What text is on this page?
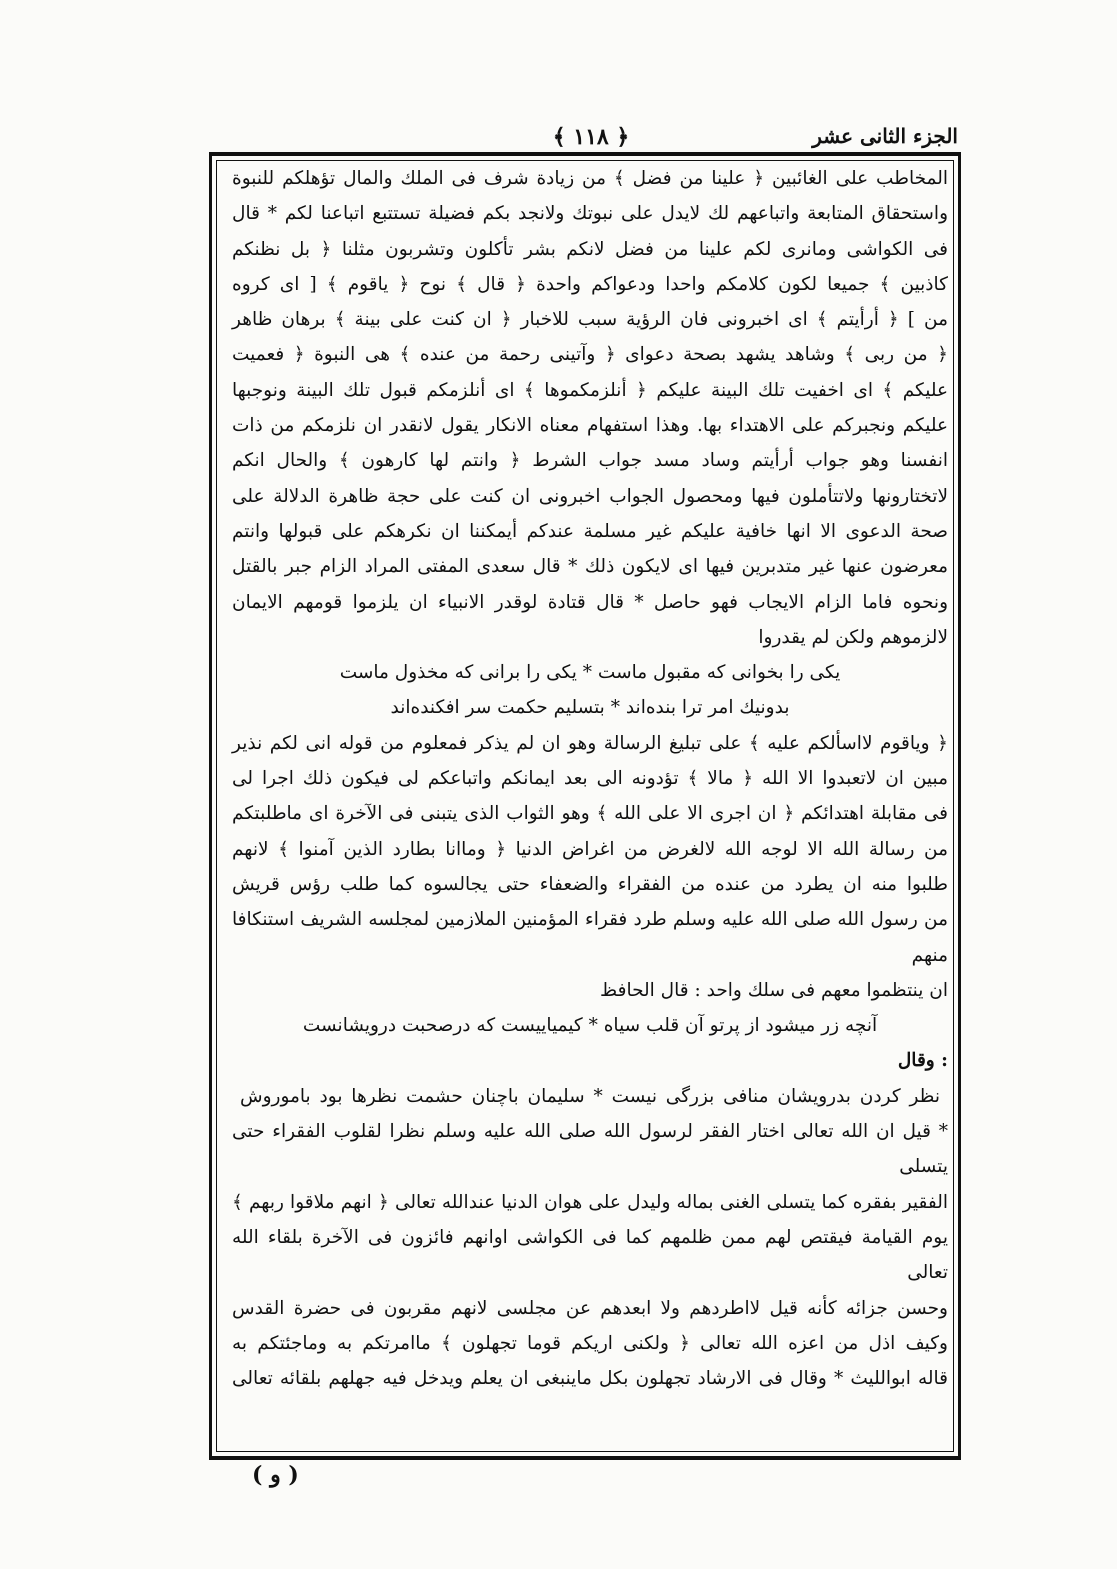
الجزء الثانى عشر
﴿ ١١٨ ﴾

المخاطب على الغائبين ﴿ علينا من فضل ﴾ من زيادة شرف فى الملك والمال تؤهلكم للنبوة

واستحقاق المتابعة واتباعهم لك لايدل على نبوتك ولانجد بكم فضيلة تستتبع اتباعنا لكم * قال

فى الكواشى ومانرى لكم علينا من فضل لانكم بشر تأكلون وتشربون مثلنا ﴿ بل نظنكم

كاذبين ﴾ جميعا لكون كلامكم واحدا ودعواكم واحدة ﴿ قال ﴾ نوح ﴿ ياقوم ﴾ [ اى كروه

من ] ﴿ أرأيتم ﴾ اى اخبرونى فان الرؤية سبب للاخبار ﴿ ان كنت على بينة ﴾ برهان ظاهر

﴿ من ربى ﴾ وشاهد يشهد بصحة دعواى ﴿ وآتينى رحمة من عنده ﴾ هى النبوة ﴿ فعميت

عليكم ﴾ اى اخفيت تلك البينة عليكم ﴿ أنلزمكموها ﴾ اى أنلزمكم قبول تلك البينة ونوجبها

عليكم ونجبركم على الاهتداء بها. وهذا استفهام معناه الانكار يقول لانقدر ان نلزمكم من ذات

انفسنا وهو جواب أرأيتم وساد مسد جواب الشرط ﴿ وانتم لها كارهون ﴾ والحال انكم

لاتختارونها ولاتتأملون فيها ومحصول الجواب اخبرونى ان كنت على حجة ظاهرة الدلالة على

صحة الدعوى الا انها خافية عليكم غير مسلمة عندكم أيمكننا ان نكرهكم على قبولها وانتم

معرضون عنها غير متدبرين فيها اى لايكون ذلك * قال سعدى المفتى المراد الزام جبر بالقتل

ونحوه فاما الزام الايجاب فهو حاصل * قال قتادة لوقدر الانبياء ان يلزموا قومهم الايمان

لالزموهم ولكن لم يقدروا

يكى را بخوانى كه مقبول ماست * يكى را برانى كه مخذول ماست

بدونيك امر ترا بنده‌اند * بتسليم حكمت سر افكنده‌اند

﴿ وياقوم لااسألكم عليه ﴾ على تبليغ الرسالة وهو ان لم يذكر فمعلوم من قوله انى لكم نذير

مبين ان لاتعبدوا الا الله ﴿ مالا ﴾ تؤدونه الى بعد ايمانكم واتباعكم لى فيكون ذلك اجرا لى

فى مقابلة اهتدائكم ﴿ ان اجرى الا على الله ﴾ وهو الثواب الذى يتبنى فى الآخرة اى ماطلبتكم

من رسالة الله الا لوجه الله لالغرض من اغراض الدنيا ﴿ وماانا بطارد الذين آمنوا ﴾ لانهم

طلبوا منه ان يطرد من عنده من الفقراء والضعفاء حتى يجالسوه كما طلب رؤس قريش

من رسول الله صلى الله عليه وسلم طرد فقراء المؤمنين الملازمين لمجلسه الشريف استنكافا منهم

ان ينتظموا معهم فى سلك واحد : قال الحافظ

آنچه زر ميشود از پرتو آن قلب سياه * كيمياييست كه درصحبت درويشانست

: وقال

نظر كردن بدرويشان منافى بزرگى نيست * سليمان باچنان حشمت نظرها بود باموروش

* قيل ان الله تعالى اختار الفقر لرسول الله صلى الله عليه وسلم نظرا لقلوب الفقراء حتى يتسلى

الفقير بفقره كما يتسلى الغنى بماله وليدل على هوان الدنيا عندالله تعالى ﴿ انهم ملاقوا ربهم ﴾

يوم القيامة فيقتص لهم ممن ظلمهم كما فى الكواشى اوانهم فائزون فى الآخرة بلقاء الله تعالى

وحسن جزائه كأنه قيل لااطردهم ولا ابعدهم عن مجلسى لانهم مقربون فى حضرة القدس

وكيف اذل من اعزه الله تعالى ﴿ ولكنى اريكم قوما تجهلون ﴾ ماامرتكم به وماجئتكم به

قاله ابوالليث * وقال فى الارشاد تجهلون بكل ماينبغى ان يعلم ويدخل فيه جهلهم بلقائه تعالى

( و )
